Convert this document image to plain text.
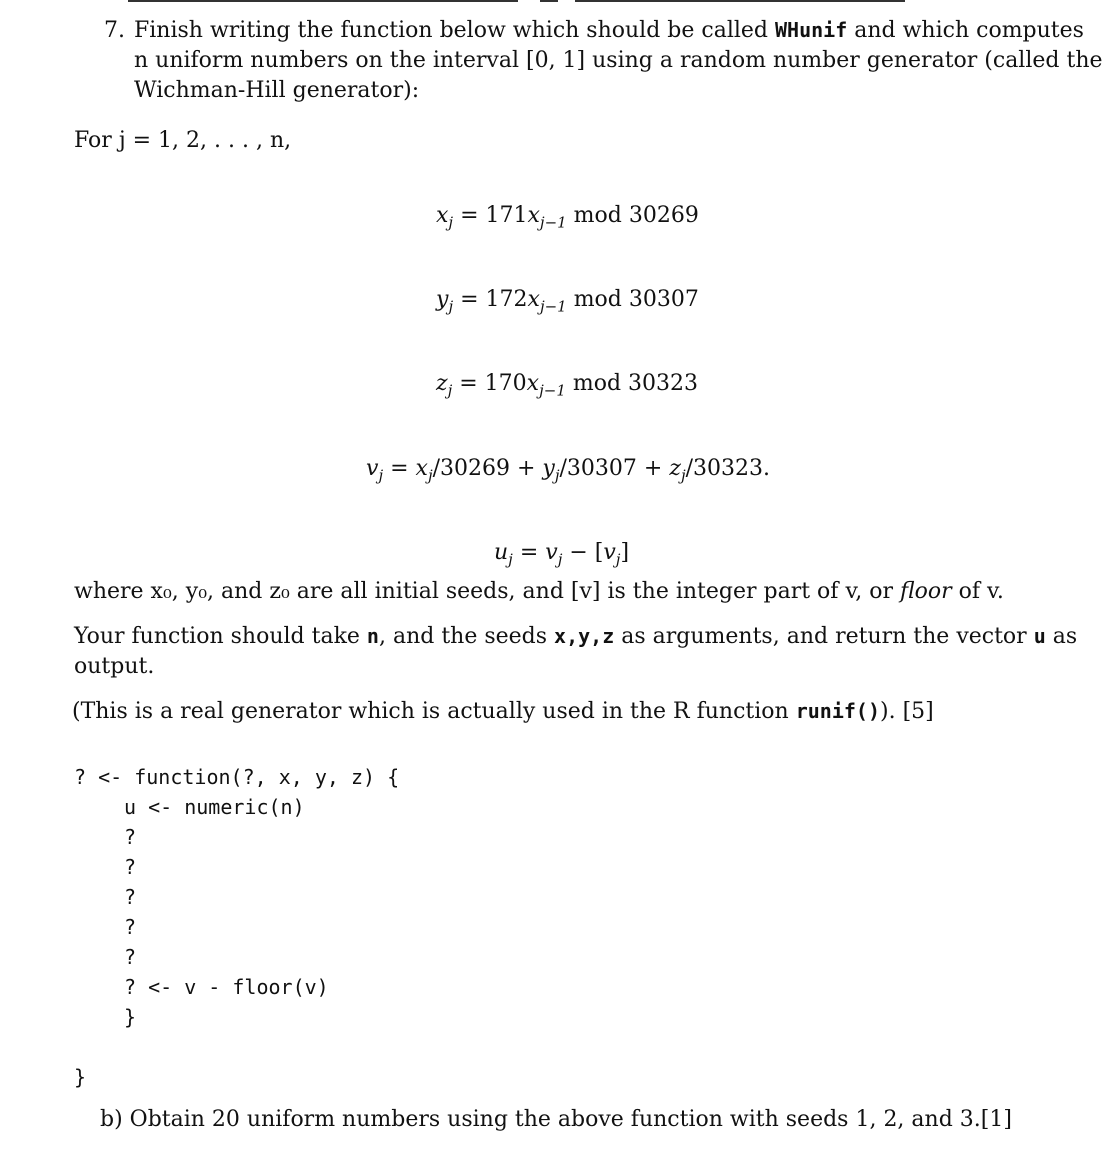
7. Finish writing the function below which should be called WHunif and which computes
n uniform numbers on the interval [0, 1] using a random number generator (called the
Wichman-Hill generator):
For j = 1, 2, . . . , n,
$x_j = 171x_{j-1}$ mod 30269
$y_j = 172x_{j-1}$ mod 30307
$z_j = 170x_{j-1}$ mod 30323
$v_j = x_j/30269 + y_j/30307 + z_j/30323$.
$u_j = v_j - [v_j]$
where x₀, y₀, and z₀ are all initial seeds, and [v] is the integer part of v, or floor of v.
Your function should take n, and the seeds x,y,z as arguments, and return the vector u as
output.
(This is a real generator which is actually used in the R function runif()). [5]
? <- function(?, x, y, z) {
u <- numeric(n)
?
?
?
?
?
? <- v - floor(v)
}
}
b) Obtain 20 uniform numbers using the above function with seeds 1, 2, and 3.[1]
